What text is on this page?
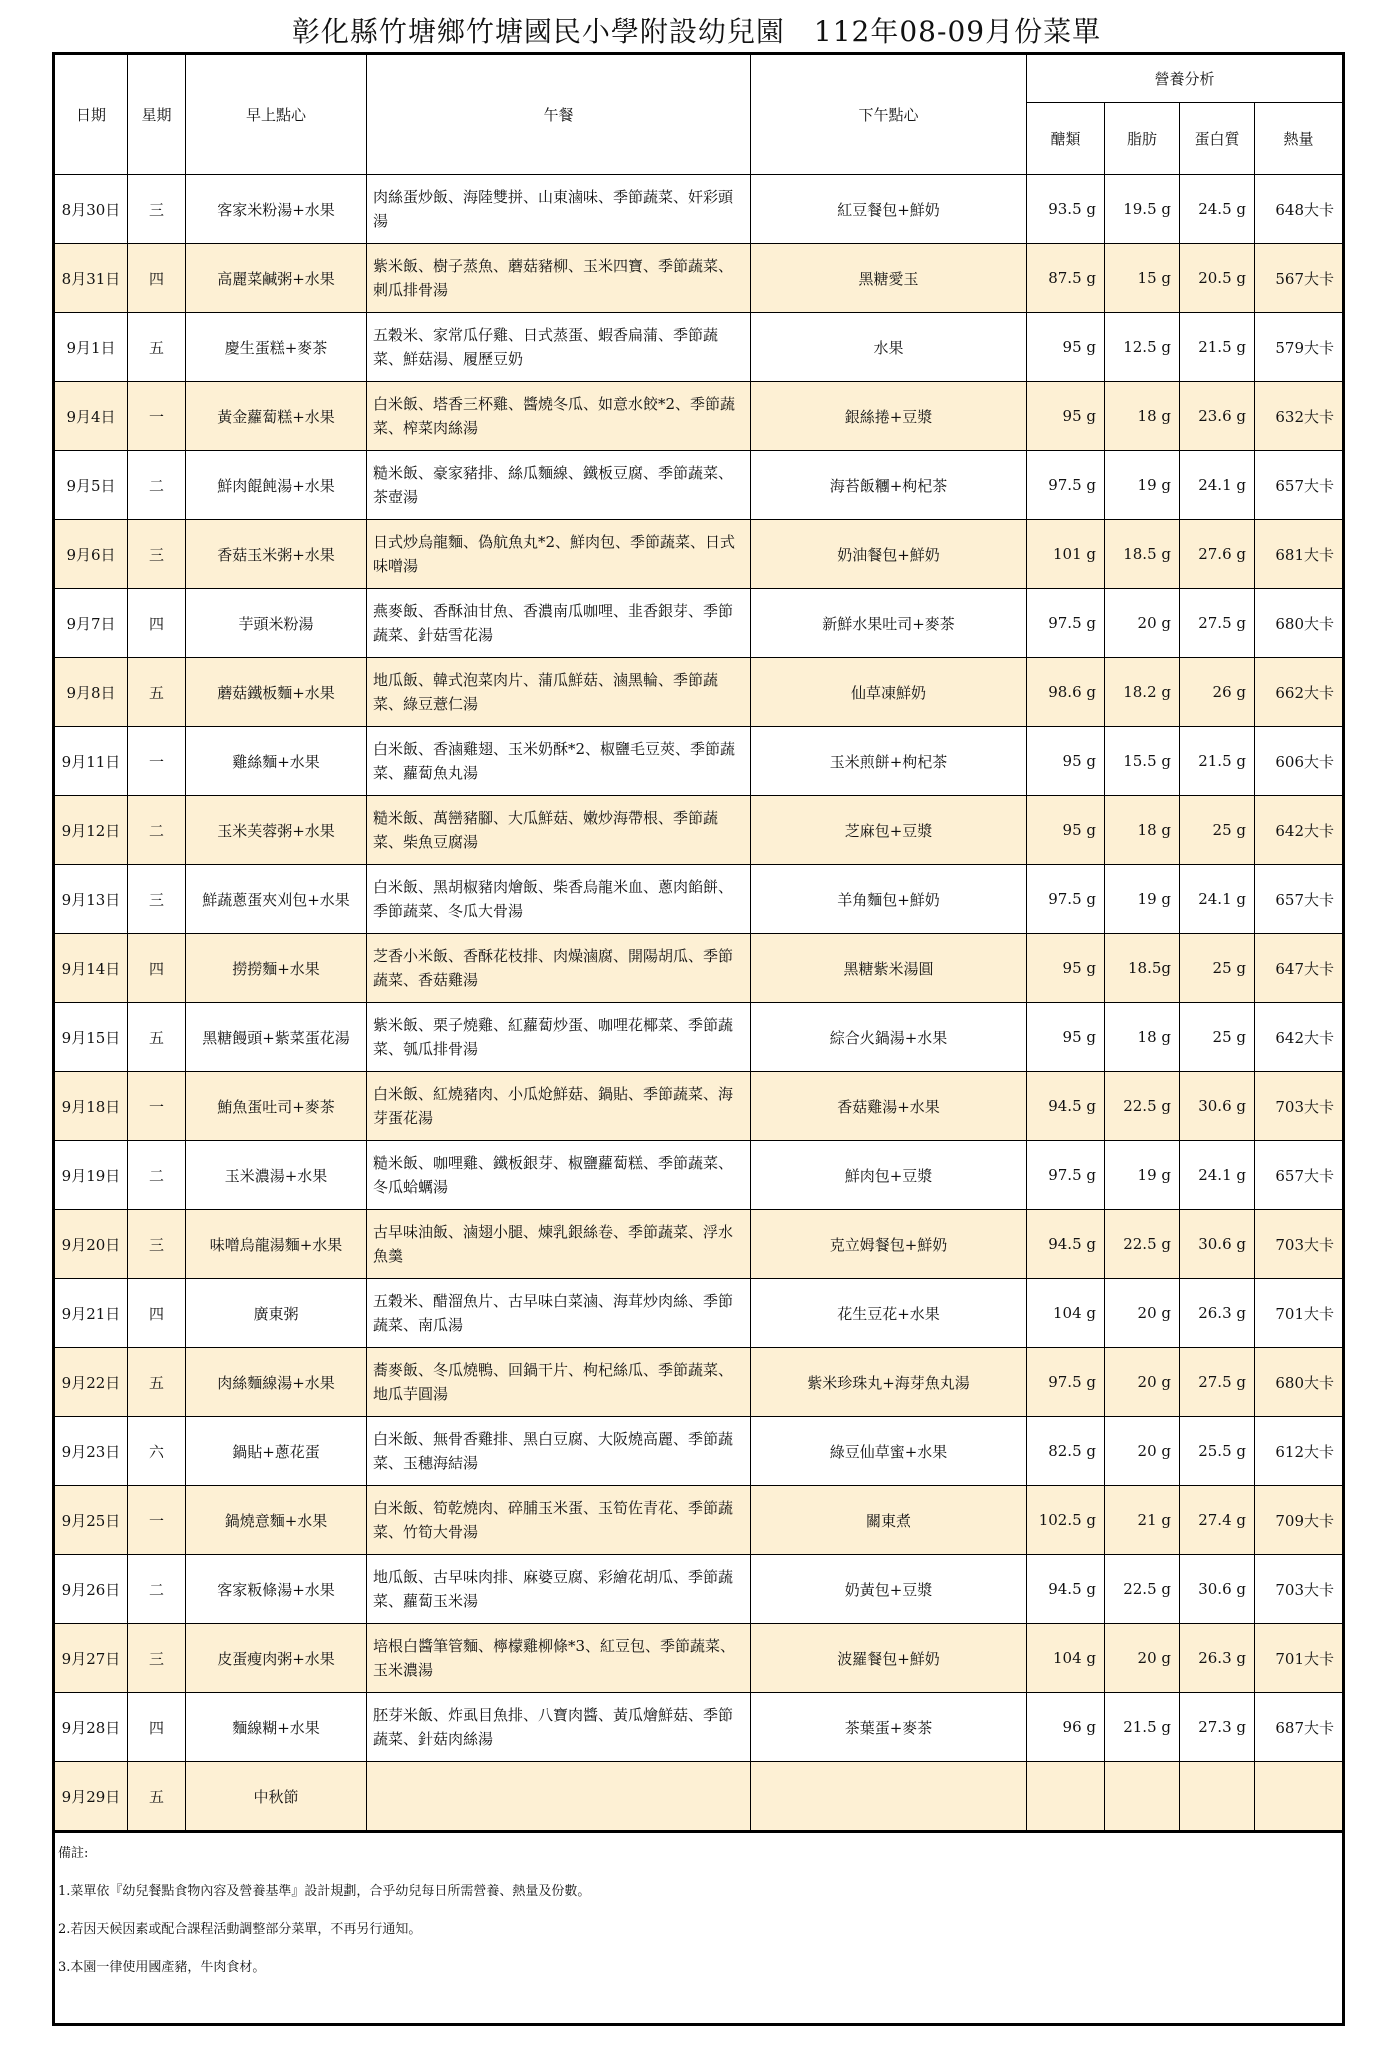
彰化縣竹塘鄉竹塘國民小學附設幼兒園　112年08-09月份菜單
日期	星期	早上點心	午餐	下午點心	營養分析			
					醣類	脂肪	蛋白質	熱量
8月30日	三	客家米粉湯+水果	肉絲蛋炒飯、海陸雙拼、山東滷味、季節蔬菜、奸彩頭湯	紅豆餐包+鮮奶	93.5 g	19.5 g	24.5 g	648大卡
8月31日	四	高麗菜鹹粥+水果	紫米飯、樹子蒸魚、蘑菇豬柳、玉米四寶、季節蔬菜、刺瓜排骨湯	黑糖愛玉	87.5 g	15 g	20.5 g	567大卡
9月1日	五	慶生蛋糕+麥茶	五穀米、家常瓜仔雞、日式蒸蛋、蝦香扁蒲、季節蔬菜、鮮菇湯、履歷豆奶	水果	95 g	12.5 g	21.5 g	579大卡
9月4日	一	黃金蘿蔔糕+水果	白米飯、塔香三杯雞、醬燒冬瓜、如意水餃*2、季節蔬菜、榨菜肉絲湯	銀絲捲+豆漿	95 g	18 g	23.6 g	632大卡
9月5日	二	鮮肉餛飩湯+水果	糙米飯、豪家豬排、絲瓜麵線、鐵板豆腐、季節蔬菜、茶壺湯	海苔飯糰+枸杞茶	97.5 g	19 g	24.1 g	657大卡
9月6日	三	香菇玉米粥+水果	日式炒烏龍麵、偽航魚丸*2、鮮肉包、季節蔬菜、日式味噌湯	奶油餐包+鮮奶	101 g	18.5 g	27.6 g	681大卡
9月7日	四	芋頭米粉湯	燕麥飯、香酥油甘魚、香濃南瓜咖哩、韭香銀芽、季節蔬菜、針菇雪花湯	新鮮水果吐司+麥茶	97.5 g	20 g	27.5 g	680大卡
9月8日	五	蘑菇鐵板麵+水果	地瓜飯、韓式泡菜肉片、蒲瓜鮮菇、滷黑輪、季節蔬菜、綠豆薏仁湯	仙草凍鮮奶	98.6 g	18.2 g	26 g	662大卡
9月11日	一	雞絲麵+水果	白米飯、香滷雞翅、玉米奶酥*2、椒鹽毛豆莢、季節蔬菜、蘿蔔魚丸湯	玉米煎餅+枸杞茶	95 g	15.5 g	21.5 g	606大卡
9月12日	二	玉米芙蓉粥+水果	糙米飯、萬巒豬腳、大瓜鮮菇、嫩炒海帶根、季節蔬菜、柴魚豆腐湯	芝麻包+豆漿	95 g	18 g	25 g	642大卡
9月13日	三	鮮蔬蔥蛋夾刈包+水果	白米飯、黑胡椒豬肉燴飯、柴香烏龍米血、蔥肉餡餅、季節蔬菜、冬瓜大骨湯	羊角麵包+鮮奶	97.5 g	19 g	24.1 g	657大卡
9月14日	四	撈撈麵+水果	芝香小米飯、香酥花枝排、肉燥滷腐、開陽胡瓜、季節蔬菜、香菇雞湯	黑糖紫米湯圓	95 g	18.5g	25 g	647大卡
9月15日	五	黑糖饅頭+紫菜蛋花湯	紫米飯、栗子燒雞、紅蘿蔔炒蛋、咖哩花椰菜、季節蔬菜、瓠瓜排骨湯	綜合火鍋湯+水果	95 g	18 g	25 g	642大卡
9月18日	一	鮪魚蛋吐司+麥茶	白米飯、紅燒豬肉、小瓜炝鮮菇、鍋貼、季節蔬菜、海芽蛋花湯	香菇雞湯+水果	94.5 g	22.5 g	30.6 g	703大卡
9月19日	二	玉米濃湯+水果	糙米飯、咖哩雞、鐵板銀芽、椒鹽蘿蔔糕、季節蔬菜、冬瓜蛤蠣湯	鮮肉包+豆漿	97.5 g	19 g	24.1 g	657大卡
9月20日	三	味噌烏龍湯麵+水果	古早味油飯、滷翅小腿、煉乳銀絲卷、季節蔬菜、浮水魚羹	克立姆餐包+鮮奶	94.5 g	22.5 g	30.6 g	703大卡
9月21日	四	廣東粥	五穀米、醋溜魚片、古早味白菜滷、海茸炒肉絲、季節蔬菜、南瓜湯	花生豆花+水果	104 g	20 g	26.3 g	701大卡
9月22日	五	肉絲麵線湯+水果	蕎麥飯、冬瓜燒鴨、回鍋干片、枸杞絲瓜、季節蔬菜、地瓜芋圓湯	紫米珍珠丸+海芽魚丸湯	97.5 g	20 g	27.5 g	680大卡
9月23日	六	鍋貼+蔥花蛋	白米飯、無骨香雞排、黑白豆腐、大阪燒高麗、季節蔬菜、玉穗海結湯	綠豆仙草蜜+水果	82.5 g	20 g	25.5 g	612大卡
9月25日	一	鍋燒意麵+水果	白米飯、筍乾燒肉、碎脯玉米蛋、玉筍佐青花、季節蔬菜、竹筍大骨湯	關東煮	102.5 g	21 g	27.4 g	709大卡
9月26日	二	客家粄條湯+水果	地瓜飯、古早味肉排、麻婆豆腐、彩繪花胡瓜、季節蔬菜、蘿蔔玉米湯	奶黃包+豆漿	94.5 g	22.5 g	30.6 g	703大卡
9月27日	三	皮蛋瘦肉粥+水果	培根白醬筆管麵、檸檬雞柳條*3、紅豆包、季節蔬菜、玉米濃湯	波羅餐包+鮮奶	104 g	20 g	26.3 g	701大卡
9月28日	四	麵線糊+水果	胚芽米飯、炸虱目魚排、八寶肉醬、黃瓜燴鮮菇、季節蔬菜、針菇肉絲湯	茶葉蛋+麥茶	96 g	21.5 g	27.3 g	687大卡
9月29日	五	中秋節						
備註:
1.菜單依『幼兒餐點食物內容及營養基準』設計規劃，合乎幼兒每日所需營養、熱量及份數。
2.若因天候因素或配合課程活動調整部分菜單，不再另行通知。
3.本園一律使用國產豬，牛肉食材。
